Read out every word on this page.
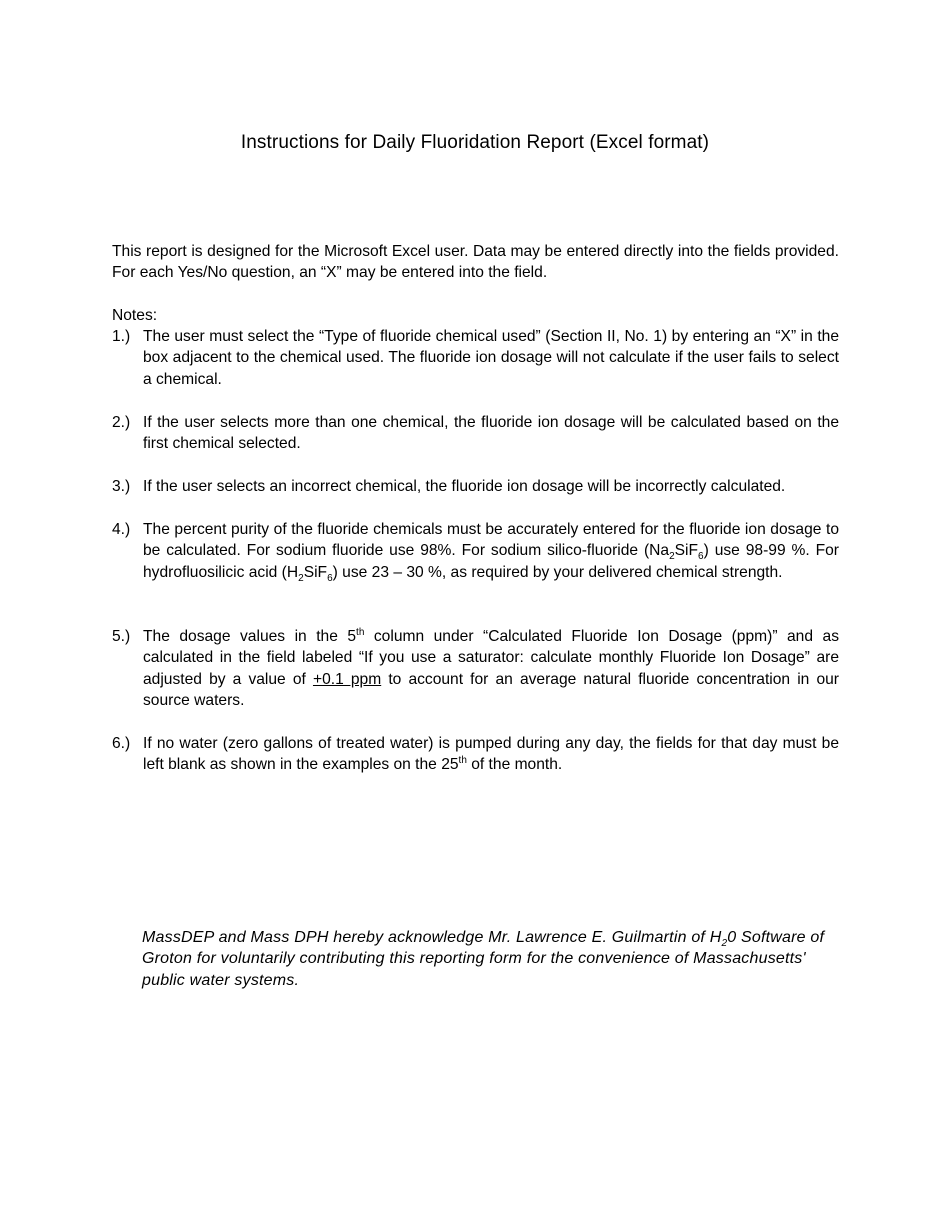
Instructions for Daily Fluoridation Report (Excel format)
This report is designed for the Microsoft Excel user. Data may be entered directly into the fields provided. For each Yes/No question, an “X” may be entered into the field.
Notes:
1.) The user must select the “Type of fluoride chemical used” (Section II, No. 1) by entering an “X” in the box adjacent to the chemical used. The fluoride ion dosage will not calculate if the user fails to select a chemical.
2.) If the user selects more than one chemical, the fluoride ion dosage will be calculated based on the first chemical selected.
3.) If the user selects an incorrect chemical, the fluoride ion dosage will be incorrectly calculated.
4.) The percent purity of the fluoride chemicals must be accurately entered for the fluoride ion dosage to be calculated. For sodium fluoride use 98%. For sodium silico-fluoride $(Na_2SiF_6)$ use 98-99 %. For hydrofluosilicic acid $(H_2SiF_6)$ use 23 – 30 %, as required by your delivered chemical strength.
5.) The dosage values in the 5th column under “Calculated Fluoride Ion Dosage (ppm)” and as calculated in the field labeled “If you use a saturator: calculate monthly Fluoride Ion Dosage” are adjusted by a value of +0.1 ppm to account for an average natural fluoride concentration in our source waters.
6.) If no water (zero gallons of treated water) is pumped during any day, the fields for that day must be left blank as shown in the examples on the 25th of the month.
MassDEP and Mass DPH hereby acknowledge Mr. Lawrence E. Guilmartin of $H_20$ Software of Groton for voluntarily contributing this reporting form for the convenience of Massachusetts' public water systems.
